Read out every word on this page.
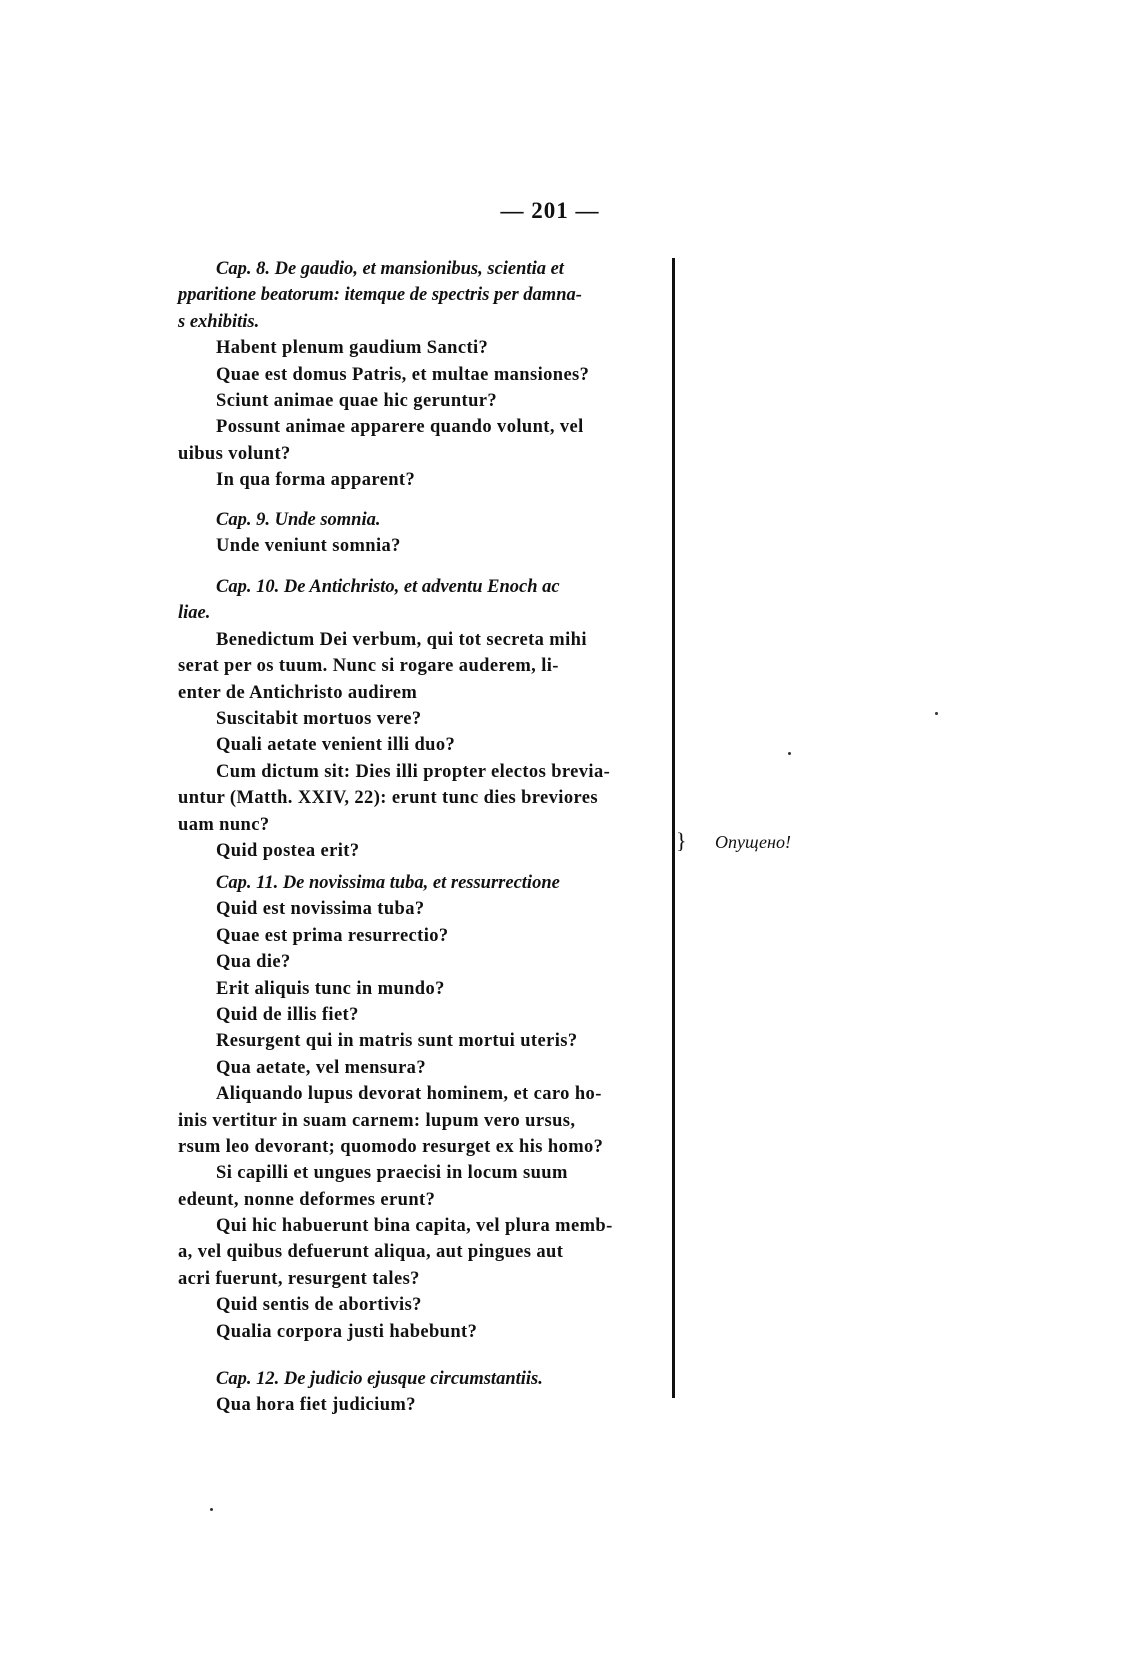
— 201 —
Cap. 8. De gaudio, et mansionibus, scientia et
pparitione beatorum: itemque de spectris per damna-
s exhibitis.
Habent plenum gaudium Sancti?
Quae est domus Patris, et multae mansiones?
Sciunt animae quae hic geruntur?
Possunt animae apparere quando volunt, vel
uibus volunt?
In qua forma apparent?
Cap. 9. Unde somnia.
Unde veniunt somnia?
Cap. 10. De Antichristo, et adventu Enoch ac
liae.
Benedictum Dei verbum, qui tot secreta mihi
serat per os tuum. Nunc si rogare auderem, li-
enter de Antichristo audirem
Suscitabit mortuos vere?
Quali aetate venient illi duo?
Cum dictum sit: Dies illi propter electos brevia-
untur (Matth. XXIV, 22): erunt tunc dies breviores
uam nunc?
Quid postea erit?
Cap. 11. De novissima tuba, et ressurrectione
Quid est novissima tuba?
Quae est prima resurrectio?
Qua die?
Erit aliquis tunc in mundo?
Quid de illis fiet?
Resurgent qui in matris sunt mortui uteris?
Qua aetate, vel mensura?
Aliquando lupus devorat hominem, et caro ho-
inis vertitur in suam carnem: lupum vero ursus,
rsum leo devorant; quomodo resurget ex his homo?
Si capilli et ungues praecisi in locum suum
edeunt, nonne deformes erunt?
Qui hic habuerunt bina capita, vel plura memb-
a, vel quibus defuerunt aliqua, aut pingues aut
acri fuerunt, resurgent tales?
Quid sentis de abortivis?
Qualia corpora justi habebunt?
Cap. 12. De judicio ejusque circumstantiis.
Qua hora fiet judicium?
} Опущено!
